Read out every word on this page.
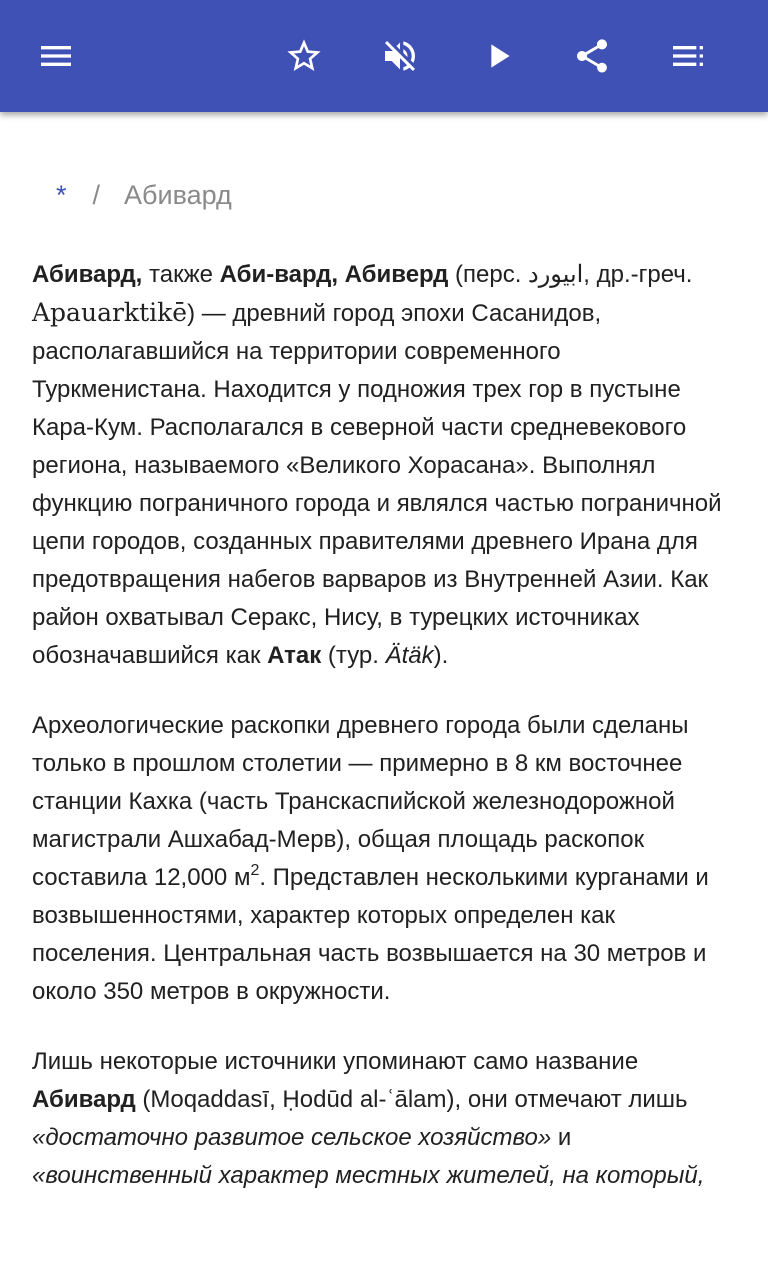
* / Абивард

Абивард, также Аби-вард, Абиверд (перс. ابیورد, др.-греч. Apauarktikē) — древний город эпохи Сасанидов, располагавшийся на территории современного Туркменистана. Находится у подножия трех гор в пустыне Кара-Кум. Располагался в северной части средневекового региона, называемого «Великого Хорасана». Выполнял функцию пограничного города и являлся частью пограничной цепи городов, созданных правителями древнего Ирана для предотвращения набегов варваров из Внутренней Азии. Как район охватывал Серакс, Нису, в турецких источниках обозначавшийся как Атак (тур. Ätäk).

Археологические раскопки древнего города были сделаны только в прошлом столетии — примерно в 8 км восточнее станции Кахка (часть Транскаспийской железнодорожной магистрали Ашхабад-Мерв), общая площадь раскопок составила 12,000 $м^2$. Представлен несколькими курганами и возвышенностями, характер которых определен как поселения. Центральная часть возвышается на 30 метров и около 350 метров в окружности.

Лишь некоторые источники упоминают само название Абивард (Moqaddasī, Ḥodūd al-ʿālam), они отмечают лишь «достаточно развитое сельское хозяйство» и «воинственный характер местных жителей, на который,
